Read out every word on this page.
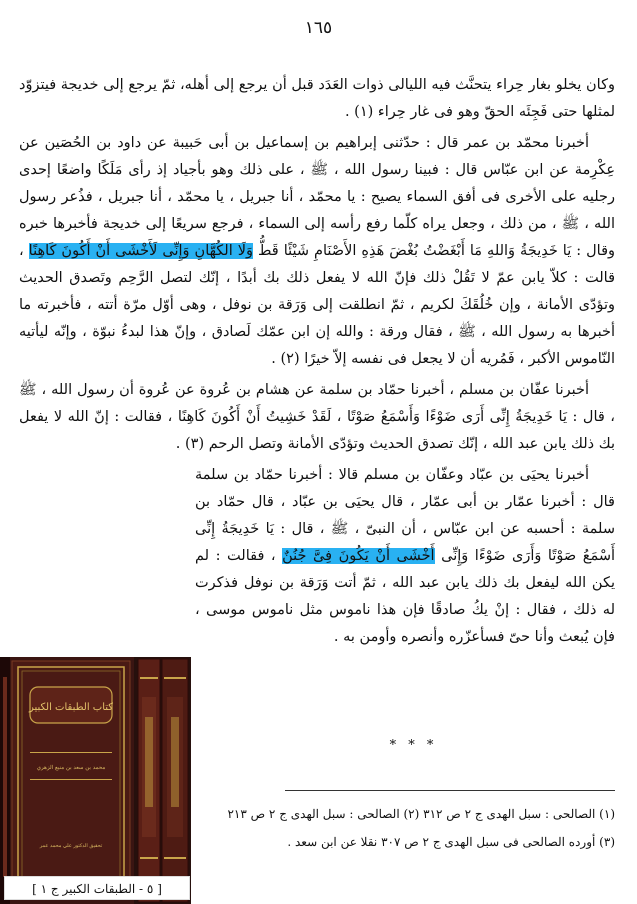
١٦٥

وكان يخلو بغار حِراء يتحنَّث فيه الليالى ذوات العَدَد قبل أن يرجع إلى أهله، ثمّ يرجع إلى خديجة فيتزوّد لمثلها حتى فَجِئَه الحقّ وهو فى غار حِراء (١) .

أخبرنا محمّد بن عمر قال : حدّثنى إبراهيم بن إسماعيل بن أبى حَبيبة عن داود بن الحُصَين عن عِكْرِمة عن ابن عبّاس قال : فبينا رسول الله ، ﷺ ، على ذلك وهو بأجياد إذ رأى مَلَكًا واضعًا إحدى رجليه على الأخرى فى أفق السماء يصيح : يا محمّد ، أنا جبريل ، يا محمّد ، أنا جبريل ، فذُعر رسول الله ، ﷺ ، من ذلك ، وجعل يراه كلّما رفع رأسه إلى السماء ، فرجع سريعًا إلى خديجة فأخبرها خبره وقال : يَا خَدِيجَةُ وَاللهِ مَا أَبْغَضْتُ بُغْضَ هَذِهِ الأَصْنَامِ شَيْئًا قَطُّ وَلَا الكُهَّانِ وَإِنِّى لَأَخْشَى أَنْ أَكُونَ كَاهِنًا ، قالت : كلاّ يابن عمّ لا تَقُلْ ذلك فإنّ الله لا يفعل ذلك بك أبدًا ، إنّك لتصل الرَّحِم وتَصدق الحديث وتؤدّى الأمانة ، وإن خُلُقَكَ لكريم ، ثمّ انطلقت إلى وَرَقة بن نوفل ، وهى أوّل مرّة أتته ، فأخبرته ما أخبرها به رسول الله ، ﷺ ، فقال ورقة : والله إن ابن عمّك لَصادق ، وإنّ هذا لبدءُ نبوّة ، وإنّه ليأتيه النّاموس الأكبر ، فَمُريه أن لا يجعل فى نفسه إلاّ خيرًا (٢) .

أخبرنا عفّان بن مسلم ، أخبرنا حمّاد بن سلمة عن هشام بن عُروة عن عُروة أن رسول الله ، ﷺ ، قال : يَا خَدِيجَةُ إِنِّى أَرَى ضَوْءًا وَأَسْمَعُ صَوْتًا ، لَقَدْ خَشِيتُ أَنْ أَكُونَ كَاهِنًا ، فقالت : إنّ الله لا يفعل بك ذلك يابن عبد الله ، إنّك تصدق الحديث وتؤدّى الأمانة وتصل الرحم (٣) .

أخبرنا يحيَى بن عبّاد وعفّان بن مسلم قالا : أخبرنا حمّاد بن سلمة قال : أخبرنا عمّار بن أبى عمّار ، قال يحيَى بن عبّاد ، قال حمّاد بن سلمة : أحسبه عن ابن عبّاس ، أن النبىّ ، ﷺ ، قال : يَا خَدِيجَةُ إِنِّى أَسْمَعُ صَوْتًا وَأَرَى ضَوْءًا وَإِنِّى أَخْشَى أَنْ يَكُونَ فِىَّ جُنُنٌ ، فقالت : لم يكن الله ليفعل بك ذلك يابن عبد الله ، ثمّ أتت وَرَقة بن نوفل فذكرت له ذلك ، فقال : إنْ يكُ صادقًا فإن هذا ناموس مثل ناموس موسى ، فإن يُبعث وأنا حىّ فسأعزّره وأنصره وأومن به .

* * *
(١) الصالحى : سبل الهدى ج ٢ ص ٣١٢ (٢) الصالحى : سبل الهدى ج ٢ ص ٢١٣
(٣) أورده الصالحى فى سبل الهدى ج ٢ ص ٣٠٧ نقلا عن ابن سعد .
كتاب الطبقات الكبير
محمد بن سعد بن منيع الزهري
تحقيق الدكتور علي محمد عمر
[ ٥ - الطبقات الكبير ج ١ ]
